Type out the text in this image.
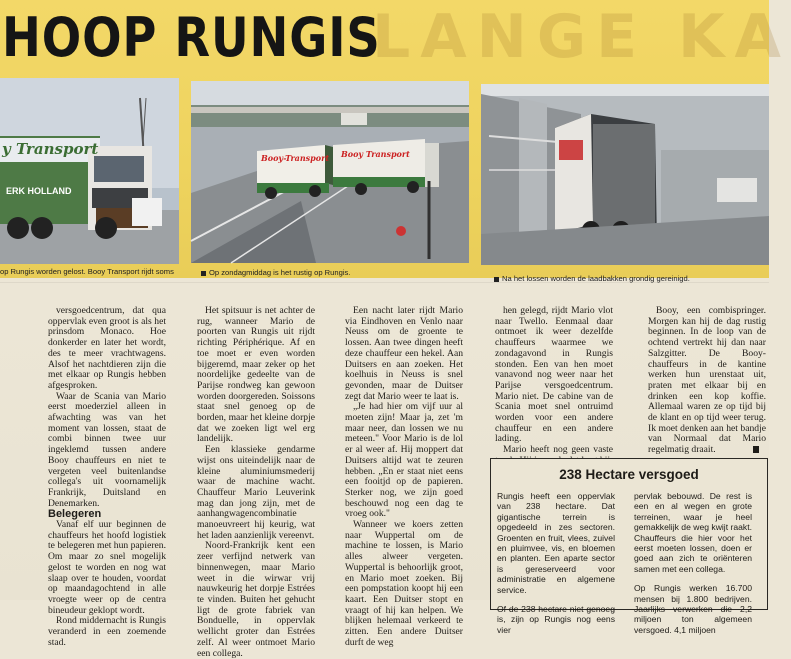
HOOP RUNGIS
LANGE KA
y Transport
ERK HOLLAND
Booy-Transport Booy Transport
op Rungis worden gelost. Booy Transport rijdt soms	Op zondagmiddag is het rustig op Rungis.
Na het lossen worden de laadbakken grondig gereinigd.

versgoedcentrum, dat qua oppervlak even groot is als het prinsdom Monaco. Hoe donkerder en later het wordt, des te meer vrachtwagens. Alsof het nachtdieren zijn die met elkaar op Rungis hebben afgesproken.

Waar de Scania van Mario eerst moederziel alleen in afwachting was van het moment van lossen, staat de combi binnen twee uur ingeklemd tussen andere Booy chauffeurs en niet te vergeten veel buitenlandse collega's uit voornamelijk Frankrijk, Duitsland en Denemarken.

Belegeren

Vanaf elf uur beginnen de chauffeurs het hoofd logistiek te belegeren met hun papieren. Om maar zo snel mogelijk gelost te worden en nog wat slaap over te houden, voordat op maandagochtend in alle vroegte weer op de centra bineudeur geklopt wordt.

Rond middernacht is Rungis veranderd in een zoemende stad.

Het spitsuur is net achter de rug, wanneer Mario de poorten van Rungis uit rijdt richting Périphérique. Af en toe moet er even worden bijgeremd, maar zeker op het noordelijke gedeelte van de Parijse rondweg kan gewoon worden doorgereden. Soissons staat snel genoeg op de borden, maar het kleine dorpje dat we zoeken ligt wel erg landelijk.

Een klassieke gendarme wijst ons uiteindelijk naar de kleine aluminiumsmederij waar de machine wacht. Chauffeur Mario Leuverink mag dan jong zijn, met de aanhangwagencombinatie manoeuvreert hij keurig, wat het laden aanzienlijk vereenvt.

Noord-Frankrijk kent een zeer verfijnd netwerk van binnenwegen, maar Mario weet in die wirwar vrij nauwkeurig het dorpje Estrées te vinden. Buiten het gehucht ligt de grote fabriek van Bonduelle, in oppervlak wellicht groter dan Estrées zelf. Al weer ontmoet Mario een collega.

Een nacht later rijdt Mario via Eindhoven en Venlo naar Neuss om de groente te lossen. Aan twee dingen heeft deze chauffeur een hekel. Aan Duitsers en aan zoeken. Het koelhuis in Neuss is snel gevonden, maar de Duitser zegt dat Mario weer te laat is.

„Je had hier om vijf uur al moeten zijn! Maar ja, zet 'm maar neer, dan lossen we nu meteen." Voor Mario is de lol er al weer af. Hij moppert dat Duitsers altijd wat te zeuren hebben. „En er staat niet eens een fooitjd op de papieren. Sterker nog, we zijn goed beschouwd nog een dag te vroeg ook."

Wanneer we koers zetten naar Wuppertal om de machine te lossen, is Mario alles alweer vergeten. Wuppertal is behoorlijk groot, en Mario moet zoeken. Bij een pompstation koopt hij een kaart. Een Duitser stopt en vraagt of hij kan helpen. We blijken helemaal verkeerd te zitten. Een andere Duitser durft de weg

hen gelegd, rijdt Mario vlot naar Twello. Eenmaal daar ontmoet ik weer dezelfde chauffeurs waarmee we zondagavond in Rungis stonden. Een van hen moet vanavond nog weer naar het Parijse versgoedcentrum. Mario niet. De cabine van de Scania moet snel ontruimd worden voor een andere chauffeur en een andere lading.

Mario heeft nog geen vaste

Booy, een combispringer. Morgen kan hij de dag rustig beginnen. In de loop van de ochtend vertrekt hij dan naar Salzgitter. De Booy-chauffeurs in de kantine werken hun urenstaat uit, praten met elkaar bij en drinken een kop koffie. Allemaal waren ze op tijd bij de klant en op tijd weer terug. Ik moet denken aan het bandje van Normaal dat Mario regelmatig draait.

238 Hectare versgoed

Rungis heeft een oppervlak van 238 hectare. Dat gigantische terrein is opgedeeld in zes sectoren. Groenten en fruit, vlees, zuivel en pluimvee, vis, en bloemen en planten. Een aparte sector is gereserveerd voor administratie en algemene service.

Of de 238 hectare niet genoeg is, zijn op Rungis nog eens vier

pervlak bebouwd. De rest is een en al wegen en grote terreinen, waar je heel gemakkelijk de weg kwijt raakt. Chauffeurs die hier voor het eerst moeten lossen, doen er goed aan zich te oriënteren samen met een collega.

Op Rungis werken 16.700 mensen bij 1.800 bedrijven. Jaarlijks verwerken die 2,2 miljoen ton algemeen versgoed. 4,1 miljoen
